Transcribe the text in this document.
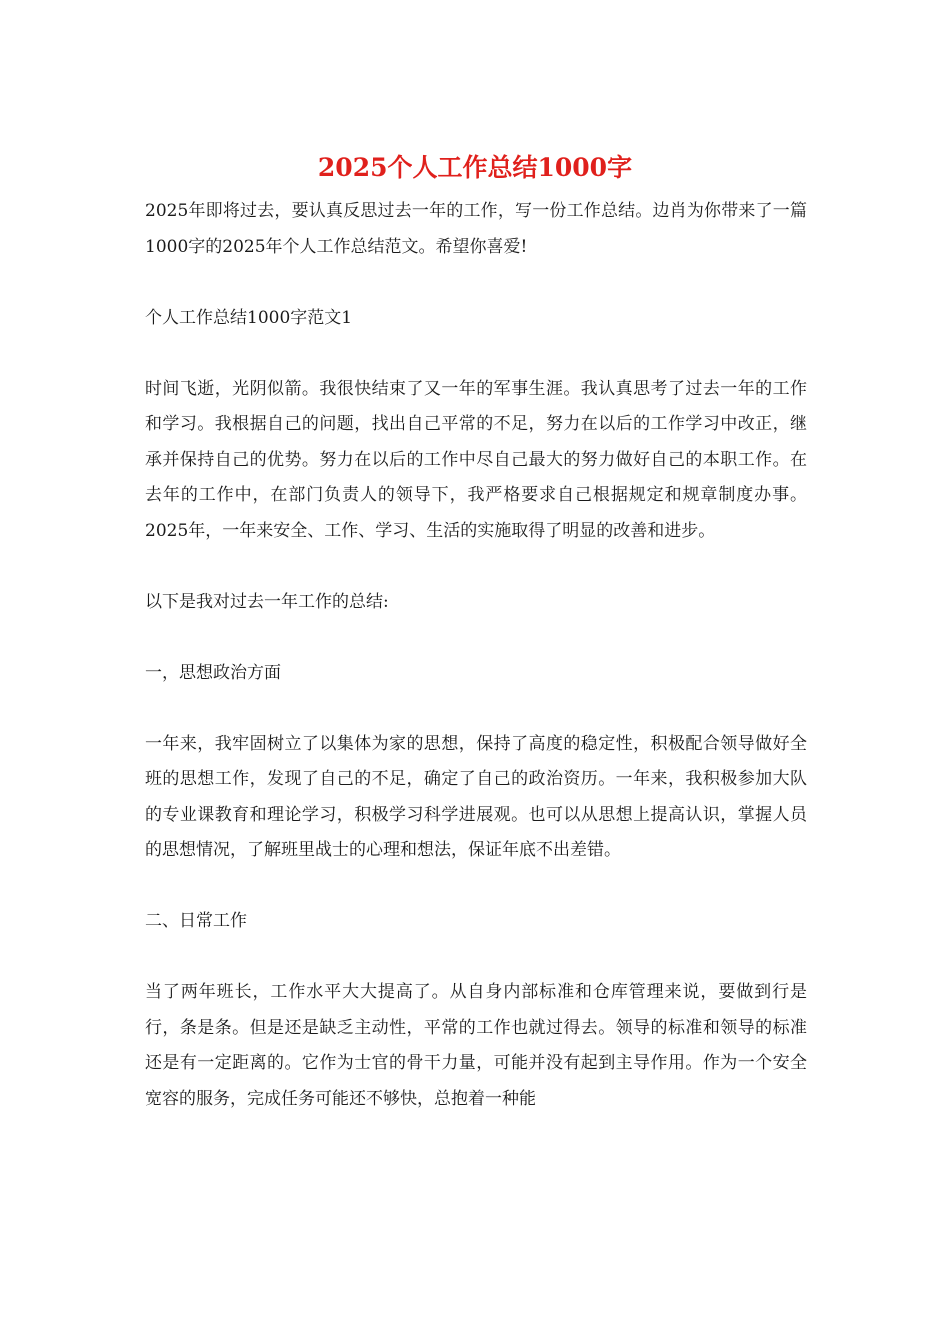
2025个人工作总结1000字

2025年即将过去，要认真反思过去一年的工作，写一份工作总结。边肖为你带来了一篇1000字的2025年个人工作总结范文。希望你喜爱!

个人工作总结1000字范文1

时间飞逝，光阴似箭。我很快结束了又一年的军事生涯。我认真思考了过去一年的工作和学习。我根据自己的问题，找出自己平常的不足，努力在以后的工作学习中改正，继承并保持自己的优势。努力在以后的工作中尽自己最大的努力做好自己的本职工作。在去年的工作中，在部门负责人的领导下，我严格要求自己根据规定和规章制度办事。2025年，一年来安全、工作、学习、生活的实施取得了明显的改善和进步。

以下是我对过去一年工作的总结:

一，思想政治方面

一年来，我牢固树立了以集体为家的思想，保持了高度的稳定性，积极配合领导做好全班的思想工作，发现了自己的不足，确定了自己的政治资历。一年来，我积极参加大队的专业课教育和理论学习，积极学习科学进展观。也可以从思想上提高认识，掌握人员的思想情况，了解班里战士的心理和想法，保证年底不出差错。

二、日常工作

当了两年班长，工作水平大大提高了。从自身内部标准和仓库管理来说，要做到行是行，条是条。但是还是缺乏主动性，平常的工作也就过得去。领导的标准和领导的标准还是有一定距离的。它作为士官的骨干力量，可能并没有起到主导作用。作为一个安全宽容的服务，完成任务可能还不够快，总抱着一种能
